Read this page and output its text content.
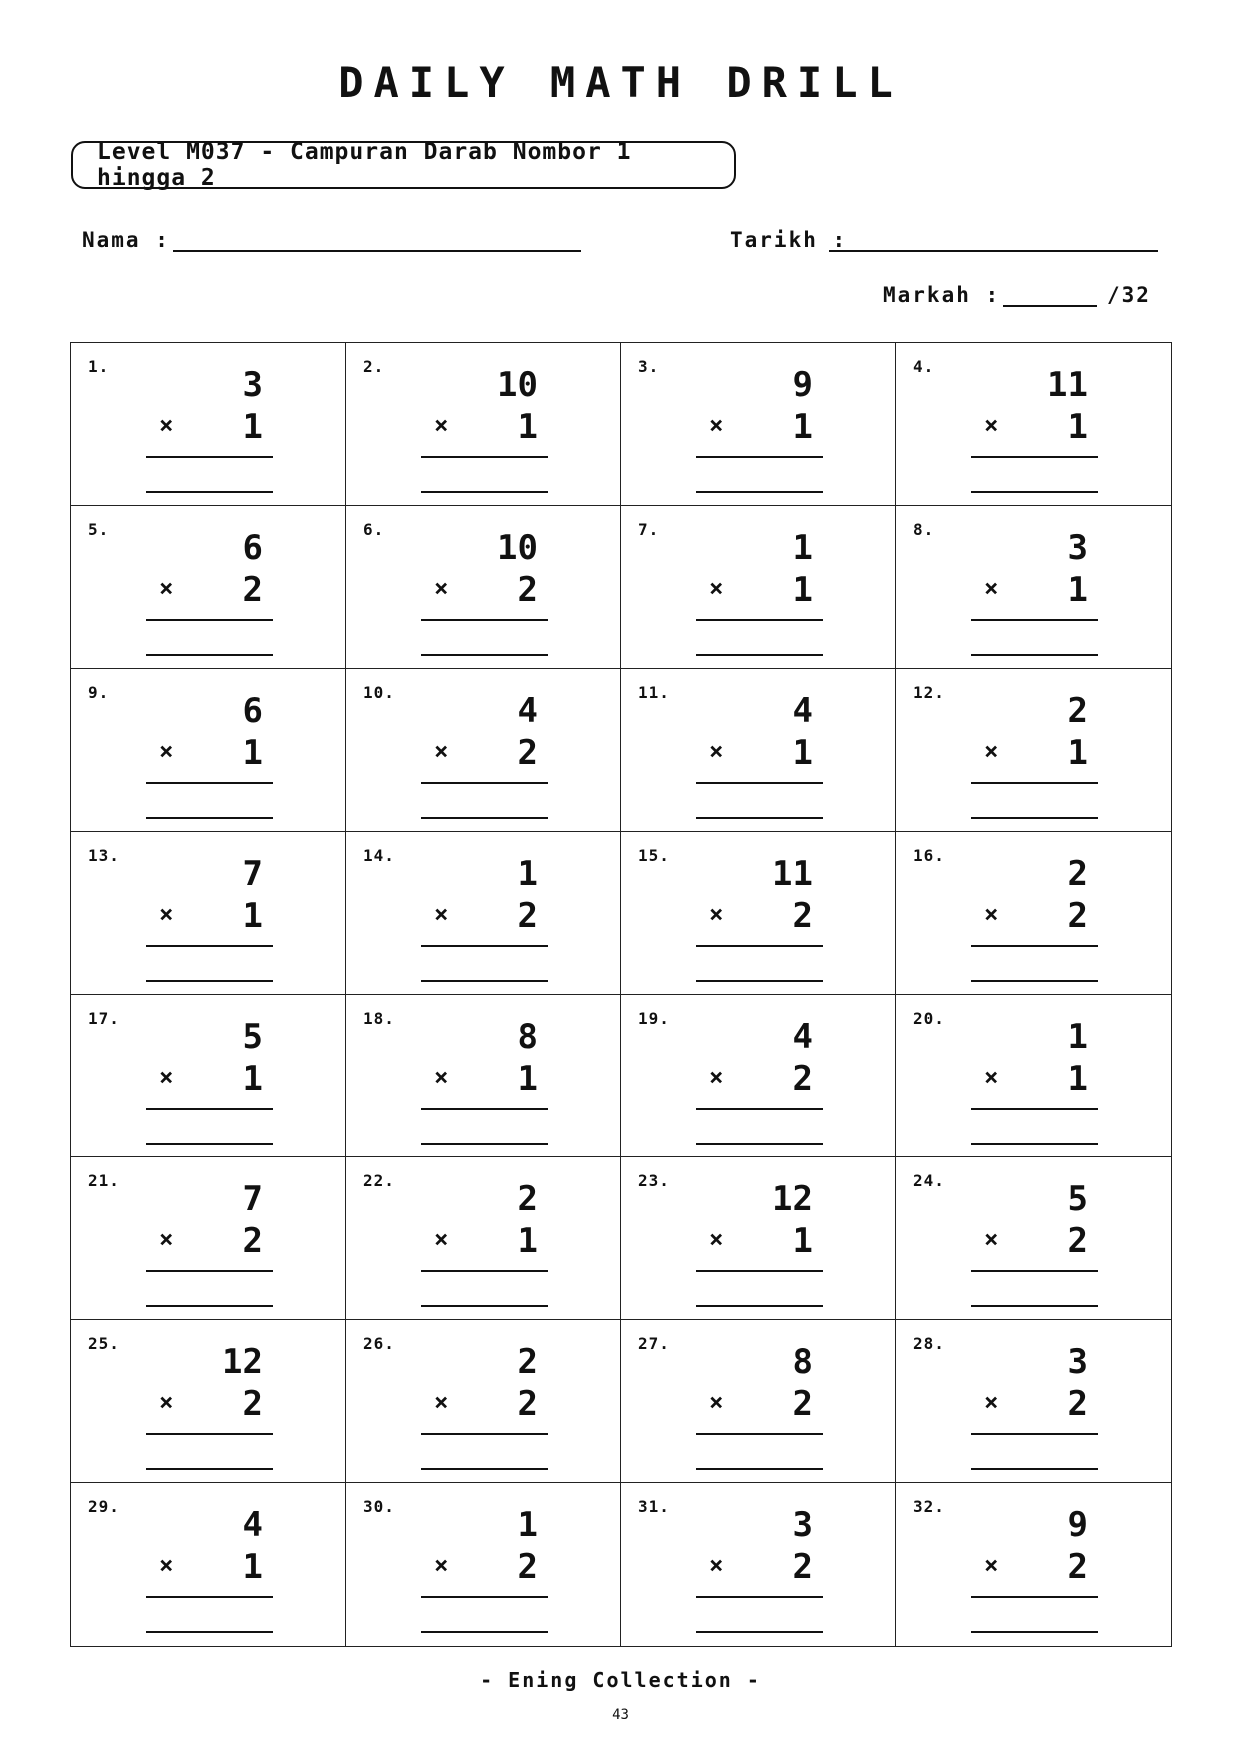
DAILY MATH DRILL
Level M037 - Campuran Darab Nombor 1 hingga 2
Nama :	Tarikh :
Markah :	/32
1.	3
×	1
2.	10
×	1
3.	9
×	1
4.	11
×	1
5.	6
×	2
6.	10
×	2
7.	1
×	1
8.	3
×	1
9.	6
×	1
10.	4
×	2
11.	4
×	1
12.	2
×	1
13.	7
×	1
14.	1
×	2
15.	11
×	2
16.	2
×	2
17.	5
×	1
18.	8
×	1
19.	4
×	2
20.	1
×	1
21.	7
×	2
22.	2
×	1
23.	12
×	1
24.	5
×	2
25.	12
×	2
26.	2
×	2
27.	8
×	2
28.	3
×	2
29.	4
×	1
30.	1
×	2
31.	3
×	2
32.	9
×	2
- Ening Collection -
43
